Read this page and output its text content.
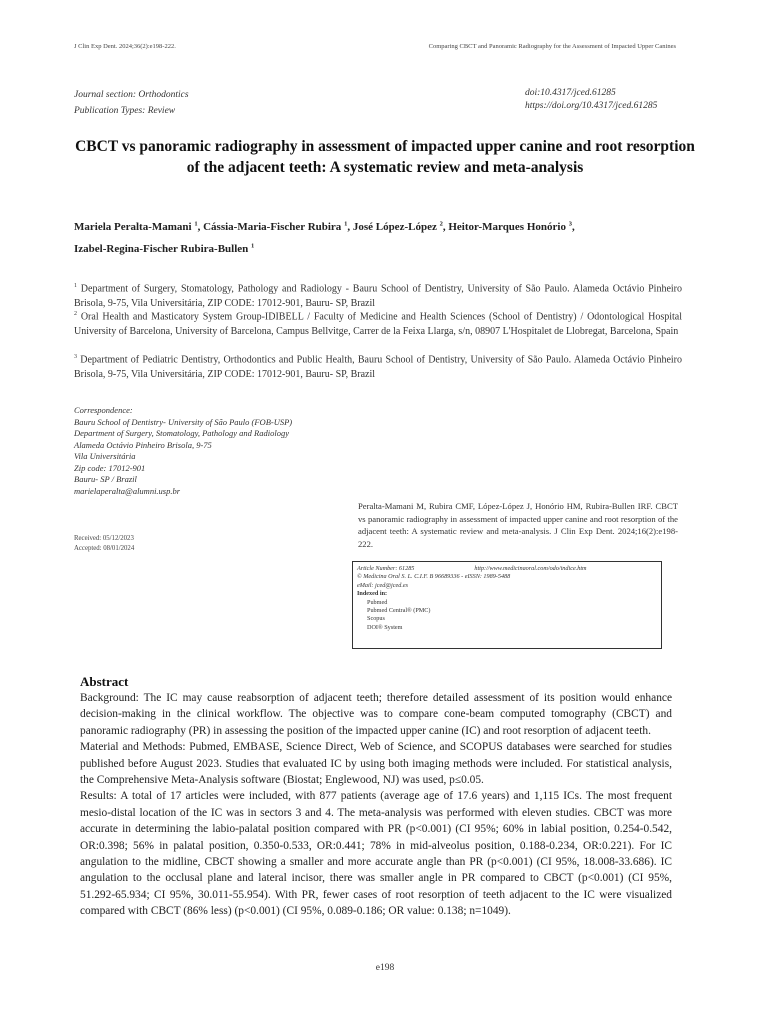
J Clin Exp Dent. 2024;36(2):e198-222.	Comparing CBCT and Panoramic Radiography for the Assessment of Impacted Upper Canines
Journal section: Orthodontics
Publication Types: Review
doi:10.4317/jced.61285
https://doi.org/10.4317/jced.61285
CBCT vs panoramic radiography in assessment of impacted upper canine and root resorption of the adjacent teeth: A systematic review and meta-analysis
Mariela Peralta-Mamani $^1$, Cássia-Maria-Fischer Rubira $^1$, José López-López $^2$, Heitor-Marques Honório $^3$,
Izabel-Regina-Fischer Rubira-Bullen $^1$
$^1$ Department of Surgery, Stomatology, Pathology and Radiology - Bauru School of Dentistry, University of São Paulo. Alameda Octávio Pinheiro Brisola, 9-75, Vila Universitária, ZIP CODE: 17012-901, Bauru- SP, Brazil
$^2$ Oral Health and Masticatory System Group-IDIBELL / Faculty of Medicine and Health Sciences (School of Dentistry) / Odontological Hospital University of Barcelona, University of Barcelona, Campus Bellvitge, Carrer de la Feixa Llarga, s/n, 08907 L'Hospitalet de Llobregat, Barcelona, Spain
$^3$ Department of Pediatric Dentistry, Orthodontics and Public Health, Bauru School of Dentistry, University of São Paulo. Alameda Octávio Pinheiro Brisola, 9-75, Vila Universitária, ZIP CODE: 17012-901, Bauru- SP, Brazil
Correspondence:
Bauru School of Dentistry- University of São Paulo (FOB-USP)
Department of Surgery, Stomatology, Pathology and Radiology
Alameda Octávio Pinheiro Brisola, 9-75
Vila Universitária
Zip code: 17012-901
Bauru- SP / Brazil
marielaperalta@alumni.usp.br
Received: 05/12/2023
Accepted: 08/01/2024
Peralta-Mamani M, Rubira CMF, López-López J, Honório HM, Rubira-Bullen IRF. CBCT vs panoramic radiography in assessment of impacted upper canine and root resorption of the adjacent teeth: A systematic review and meta-analysis. J Clin Exp Dent. 2024;16(2):e198-222.
Article Number: 61285	http://www.medicinaoral.com/odo/indice.htm
© Medicina Oral S. L. C.I.F. B 96689336 - eISSN: 1989-5488
eMail: jced@jced.es
Indexed in:
Pubmed
Pubmed Central® (PMC)
Scopus
DOI® System
Abstract

Background: The IC may cause reabsorption of adjacent teeth; therefore detailed assessment of its position would enhance decision-making in the clinical workflow. The objective was to compare cone-beam computed tomography (CBCT) and panoramic radiography (PR) in assessing the position of the impacted upper canine (IC) and root resorption of adjacent teeth.

Material and Methods: Pubmed, EMBASE, Science Direct, Web of Science, and SCOPUS databases were searched for studies published before August 2023. Studies that evaluated IC by using both imaging methods were included. For statistical analysis, the Comprehensive Meta-Analysis software (Biostat; Englewood, NJ) was used, p≤0.05.

Results: A total of 17 articles were included, with 877 patients (average age of 17.6 years) and 1,115 ICs. The most frequent mesio-distal location of the IC was in sectors 3 and 4. The meta-analysis was performed with eleven studies. CBCT was more accurate in determining the labio-palatal position compared with PR (p<0.001) (CI 95%; 60% in labial position, 0.254-0.542, OR:0.398; 56% in palatal position, 0.350-0.533, OR:0.441; 78% in mid-alveolus position, 0.188-0.234, OR:0.221). For IC angulation to the midline, CBCT showing a smaller and more accurate angle than PR (p<0.001) (CI 95%, 18.008-33.686). IC angulation to the occlusal plane and lateral incisor, there was smaller angle in PR compared to CBCT (p<0.001) (CI 95%, 51.292-65.934; CI 95%, 30.011-55.954). With PR, fewer cases of root resorption of teeth adjacent to the IC were visualized compared with CBCT (86% less) (p<0.001) (CI 95%, 0.089-0.186; OR value: 0.138; n=1049).

e198
